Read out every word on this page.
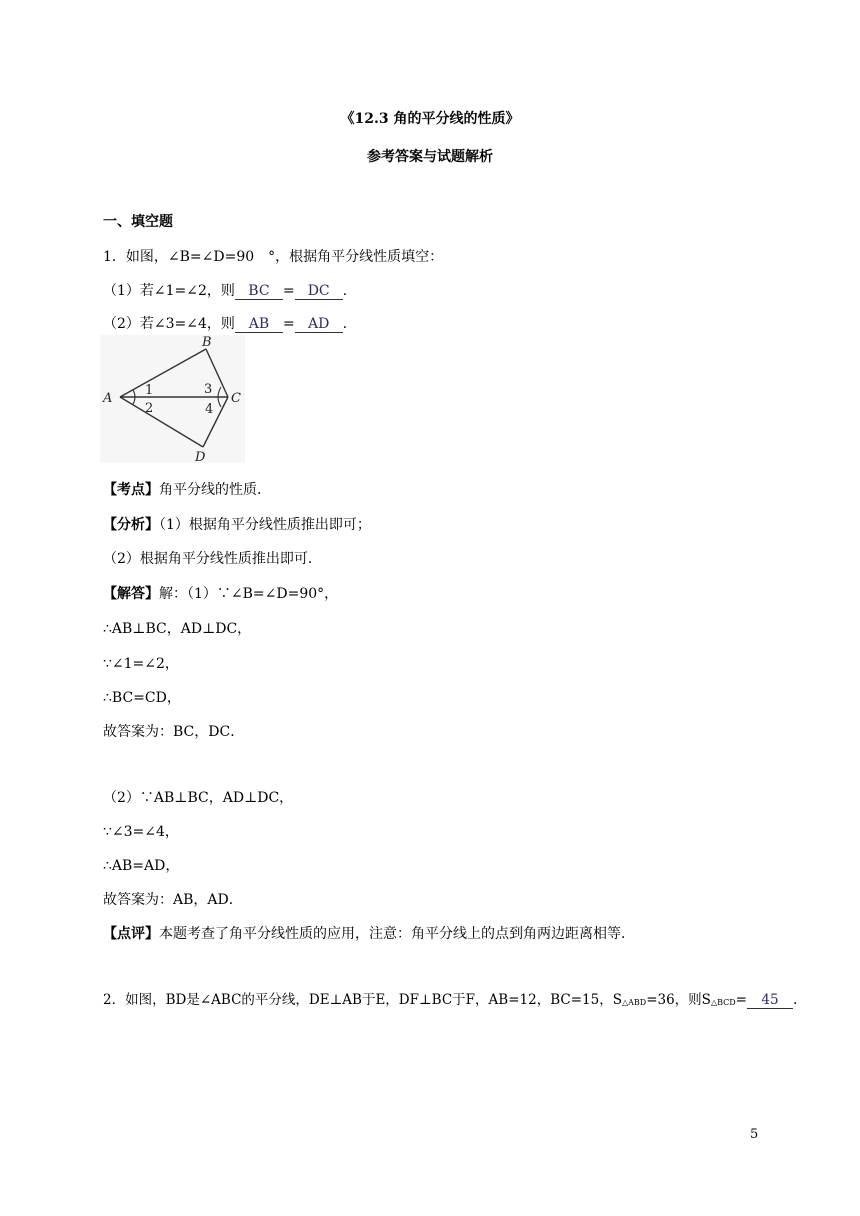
《12.3 角的平分线的性质》
参考答案与试题解析
一、填空题
1．如图，∠B=∠D=90　°，根据角平分线性质填空：
（1）若∠1=∠2，则 BC = DC .
（2）若∠3=∠4，则 AB = AD .
A
B
C
D
1
2
3
4
【考点】角平分线的性质．
【分析】（1）根据角平分线性质推出即可；
（2）根据角平分线性质推出即可．
【解答】解：（1）∵∠B=∠D=90°，
∴AB⊥BC，AD⊥DC，
∵∠1=∠2，
∴BC=CD，
故答案为：BC，DC．
（2）∵AB⊥BC，AD⊥DC，
∵∠3=∠4，
∴AB=AD，
故答案为：AB，AD．
【点评】本题考查了角平分线性质的应用，注意：角平分线上的点到角两边距离相等．
2．如图，BD是∠ABC的平分线，DE⊥AB于E，DF⊥BC于F，AB=12，BC=15，S△ABD=36，则S△BCD= 45 .
5
